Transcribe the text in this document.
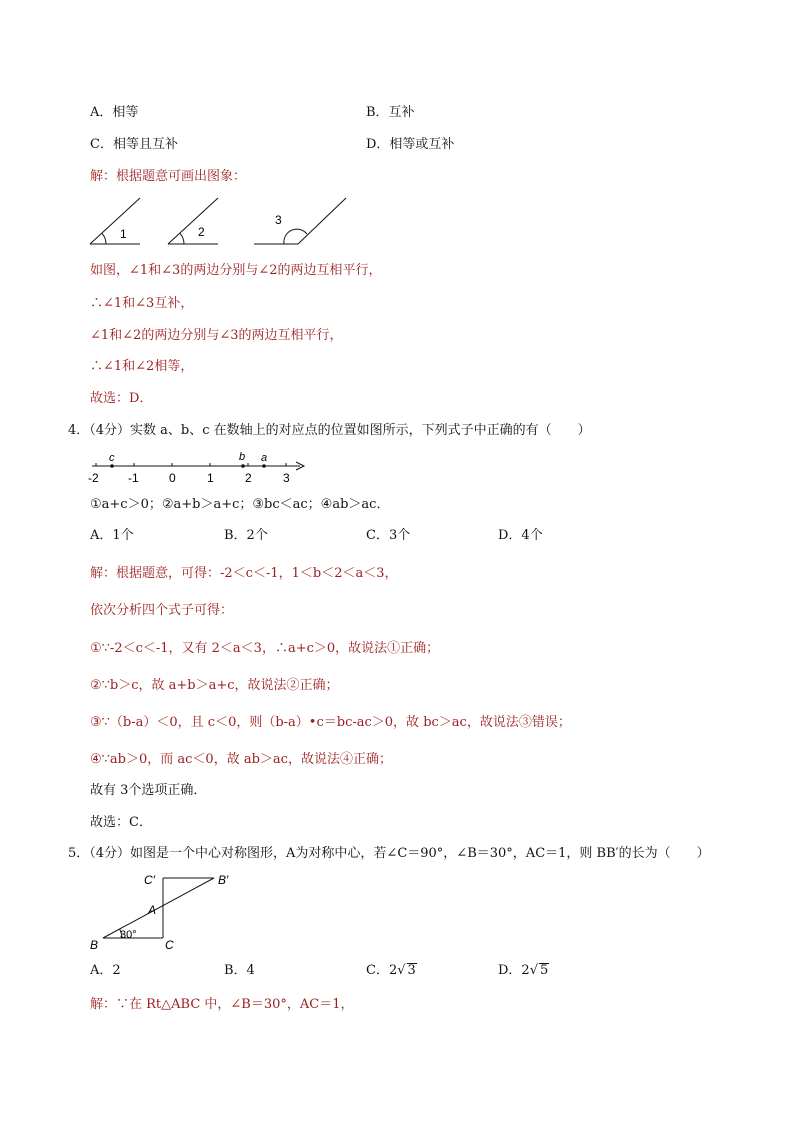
A．相等	B．互补
C．相等且互补	D．相等或互补
解：根据题意可画出图象：
1	2
3
如图，∠1和∠3的两边分别与∠2的两边互相平行，
∴∠1和∠3互补，
∠1和∠2的两边分别与∠3的两边互相平行，
∴∠1和∠2相等，
故选：D．
4．（4分）实数 a、b、c 在数轴上的对应点的位置如图所示，下列式子中正确的有（　　）
c	b a
-2 -1	0	1	2	3
①a+c＞0；②a+b＞a+c；③bc＜ac；④ab＞ac．
A．1个	B．2个	C．3个	D．4个
解：根据题意，可得：-2＜c＜-1，1＜b＜2＜a＜3，
依次分析四个式子可得：
①∵-2＜c＜-1，又有 2＜a＜3，∴a+c＞0，故说法①正确；
②∵b＞c，故 a+b＞a+c，故说法②正确；
③∵（b-a）＜0，且 c＜0，则（b-a）•c＝bc-ac＞0，故 bc＞ac，故说法③错误；
④∵ab＞0，而 ac＜0，故 ab＞ac，故说法④正确；
故有 3个选项正确．
故选：C．
5．（4分）如图是一个中心对称图形，A为对称中心，若∠C＝90°，∠B＝30°，AC＝1，则 BB′的长为（　　）
C′	B′
A
B	C
30°
A．2	B．4	C．2√ 3	D．2√ 5
解：∵在 Rt△ABC 中，∠B＝30°，AC＝1，
